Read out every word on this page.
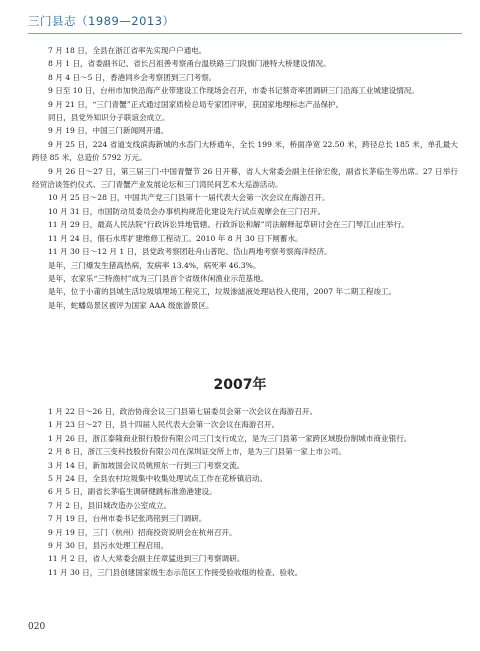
三门县志（1989—2013）

7 月 18 日，全县在浙江省率先实现户户通电。

8 月 1 日，省委副书记、省长吕祖善考察甬台温铁路三门段旗门港特大桥建设情况。

8 月 4 日～5 日，香港同乡会考察团到三门考察。

9 日至 10 日，台州市加快沿海产业带建设工作现场会召开，市委书记蔡奇率团调研三门沿海工业城建设情况。

9 月 21 日，“三门青蟹”正式通过国家质检总局专家团评审，获国家地理标志产品保护。

同日，县党外知识分子联谊会成立。

9 月 19 日，中国三门新闻网开通。

9 月 25 日，224 省道支线滨海新城的水岙门大桥通车，全长 199 米，桥面净宽 22.50 米，跨径总长 185 米，单孔最大跨径 85 米，总造价 5792 万元。

9 月 26 日～27 日，第三届三门·中国青蟹节 26 日开幕，省人大常委会副主任徐宏俊，副省长茅临生等出席。27 日举行经贸洽谈签约仪式、三门青蟹产业发展论坛和三门湾民间艺术大巡游活动。

10 月 25 日～28 日，中国共产党三门县第十一届代表大会第一次会议在海游召开。

10 月 31 日，市国防动员委员会办事机构规范化建设先行试点观摩会在三门召开。

11 月 29 日，最高人民法院“行政诉讼异地管辖、行政诉讼和解”司法解释起草研讨会在三门琴江山庄举行。

11 月 24 日，佃石水库扩建维修工程动工。2010 年 8 月 30 日下闸蓄水。

11 月 30 日～12 月 1 日，县党政考察团赴舟山普陀、岱山两地考察考察海洋经济。

是年，三门爆发生猪高热病，发病率 13.4%，病死率 46.3%。

是年，农家乐“三特渔村”成为三门县首个省级休闲渔业示范基地。

是年，位于小莆的县城生活垃圾填埋场工程完工，垃圾渗滤液处理站投入使用，2007 年二期工程竣工。

是年，蛇蟠岛景区被评为国家 AAA 级旅游景区。

2007年

1 月 22 日～26 日，政治协商会议三门县第七届委员会第一次会议在海游召开。

1 月 23 日～27 日，县十四届人民代表大会第一次会议在海游召开。

1 月 26 日，浙江泰隆商业银行股份有限公司三门支行成立，是为三门县第一家跨区域股份制城市商业银行。

2 月 8 日，浙江三变科技股份有限公司在深圳证交所上市，是为三门县第一家上市公司。

3 月 14 日，新加坡国会议员姚照东一行到三门考察交流。

5 月 24 日，全县农村垃圾集中收集处理试点工作在花桥镇启动。

6 月 5 日，副省长茅临生调研健跳标准渔港建设。

7 月 2 日，县旧城改造办公室成立。

7 月 19 日，台州市委书记张鸿铭到三门调研。

9 月 19 日，三门（杭州）招商投资说明会在杭州召开。

9 月 30 日，县污水处理工程启用。

11 月 2 日，省人大常委会副主任章猛进到三门考察调研。

11 月 30 日，三门县创建国家级生态示范区工作接受验收组的检查、验收。

020
